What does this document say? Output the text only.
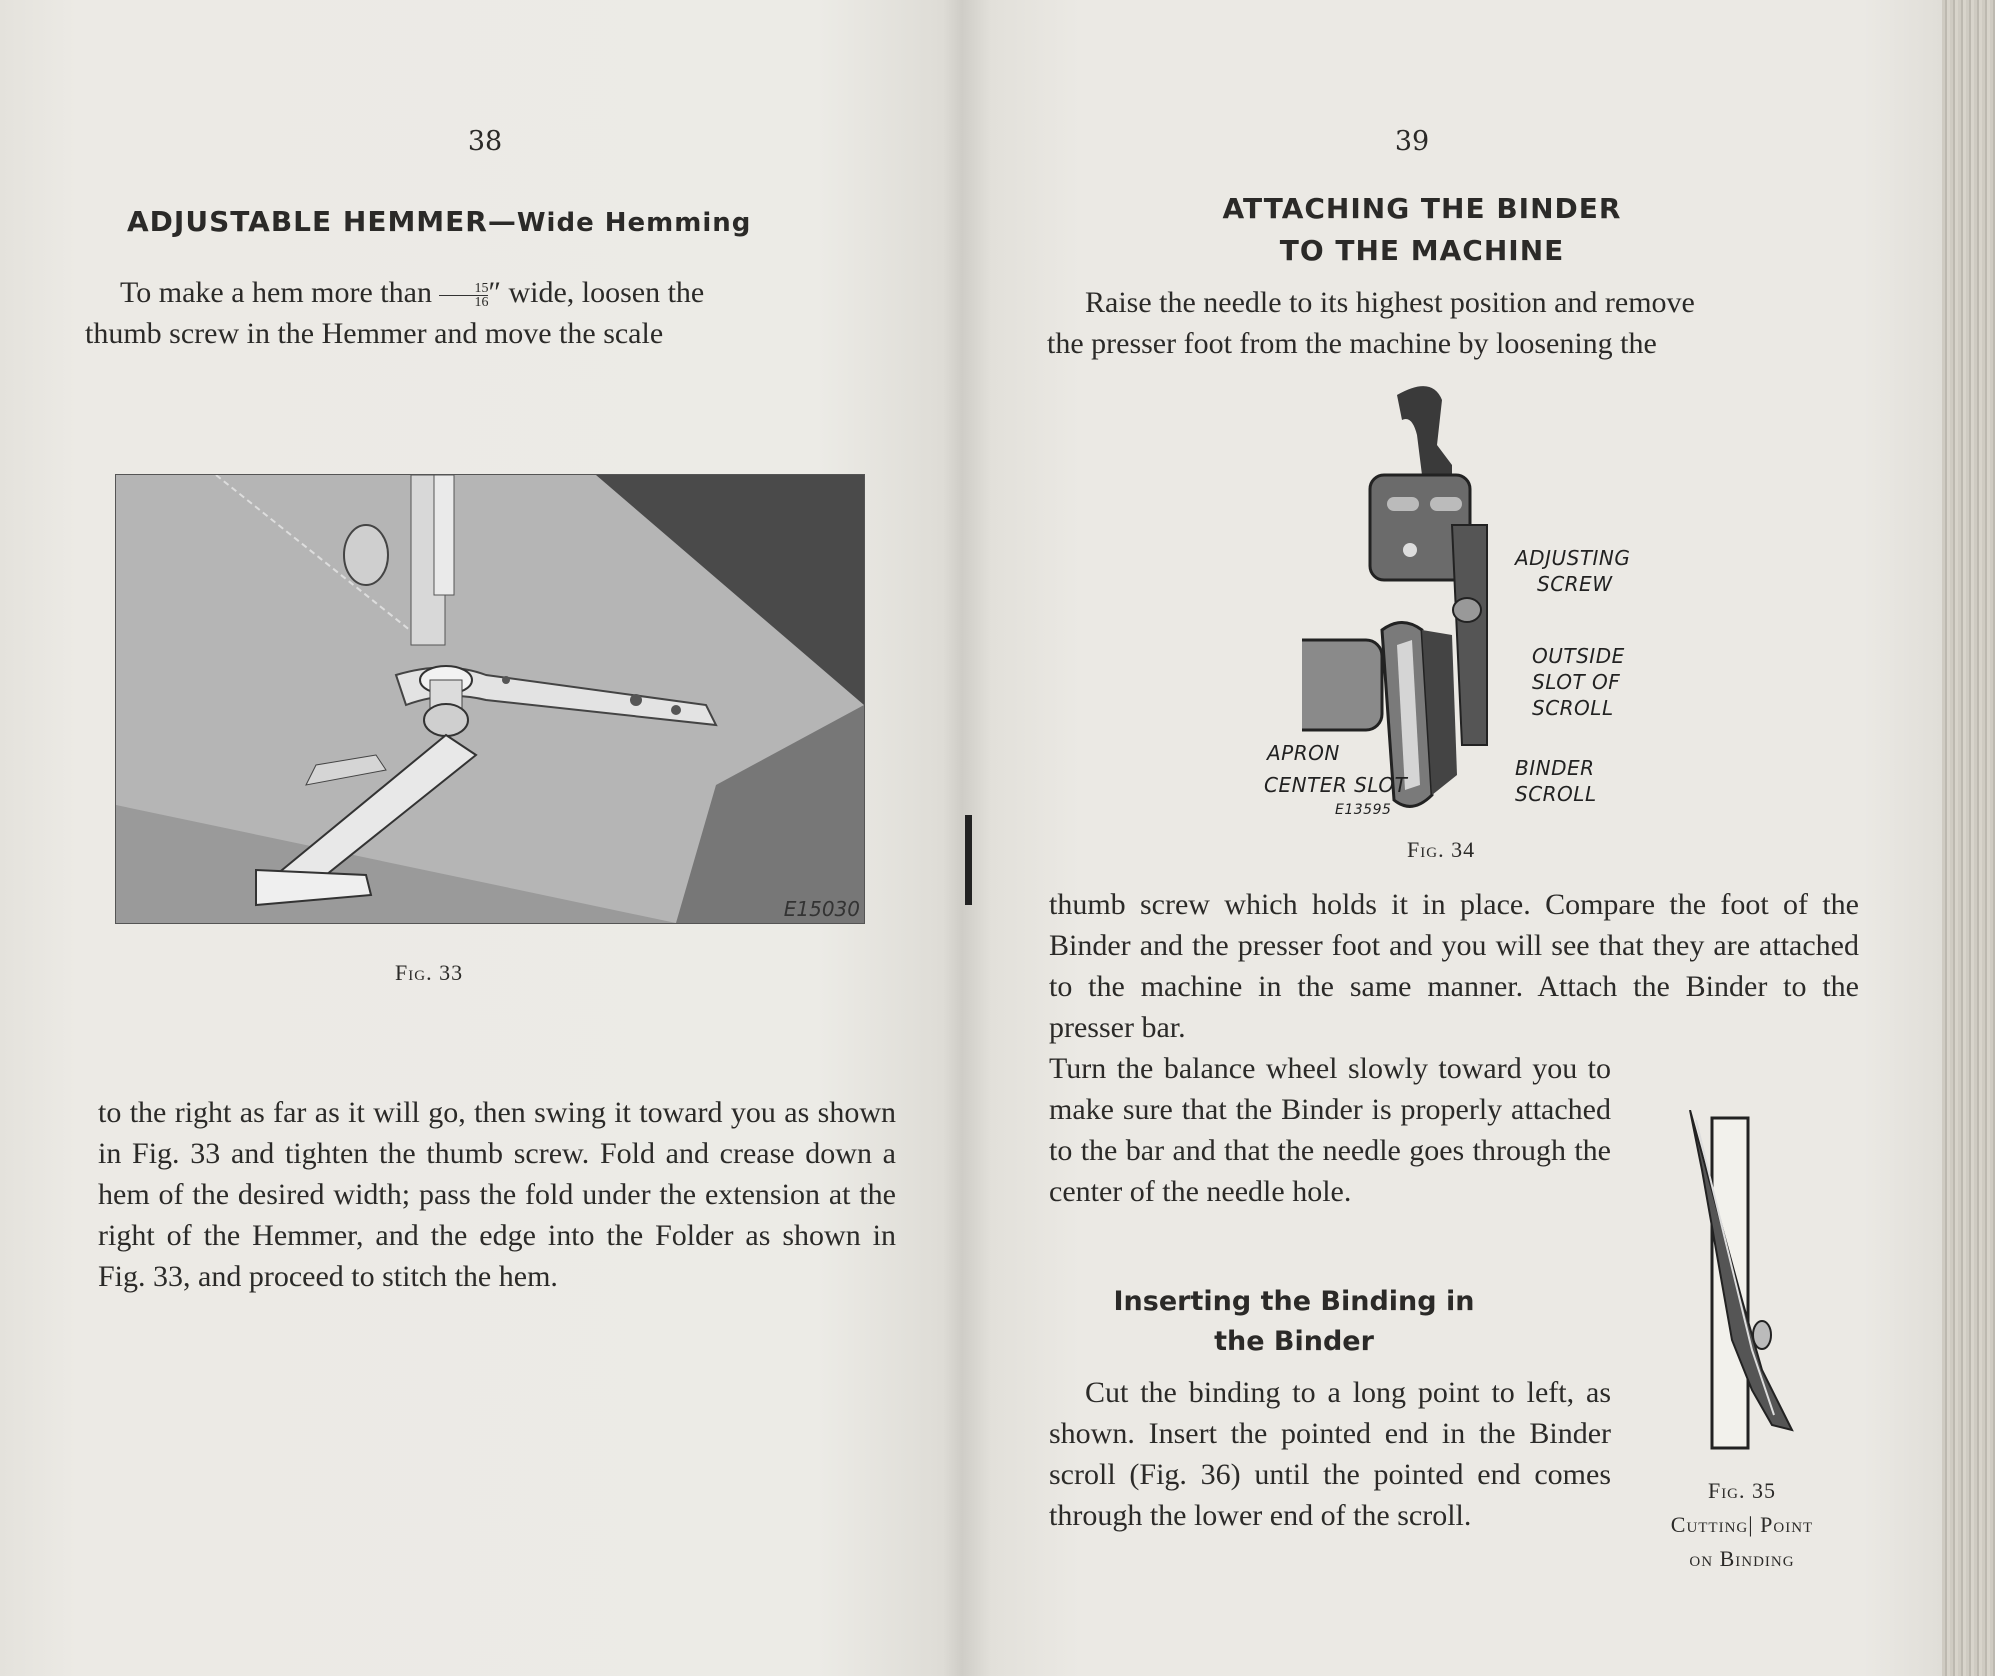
38
ADJUSTABLE HEMMER—Wide Hemming

To make a hem more than $\frac{15}{16}$ ″ wide, loosen the

thumb screw in the Hemmer and move the scale

E15030
Fig. 33
to the right as far as it will go, then swing it toward you as shown in Fig. 33 and tighten the thumb screw. Fold and crease down a hem of the desired width; pass the fold under the extension at the right of the Hemmer, and the edge into the Folder as shown in Fig. 33, and proceed to stitch the hem.
39
ATTACHING THE BINDER
TO THE MACHINE

Raise the needle to its highest position and remove

the presser foot from the machine by loosening the

ADJUSTING
SCREW
OUTSIDE
SLOT OF
SCROLL
APRON
CENTER SLOT
E13595
BINDER
SCROLL
Fig. 34
thumb screw which holds it in place. Compare the foot of the Binder and the presser foot and you will see that they are attached to the machine in the same manner. Attach the Binder to the presser bar.
Turn the balance wheel slowly toward you to make sure that the Binder is properly attached to the bar and that the needle goes through the center of the needle hole.
Inserting the Binding in
the Binder
Cut the binding to a long point to left, as shown. Insert the pointed end in the Binder scroll (Fig. 36) until the pointed end comes through the lower end of the scroll.
Fig. 35
Cutting| Point
on Binding
